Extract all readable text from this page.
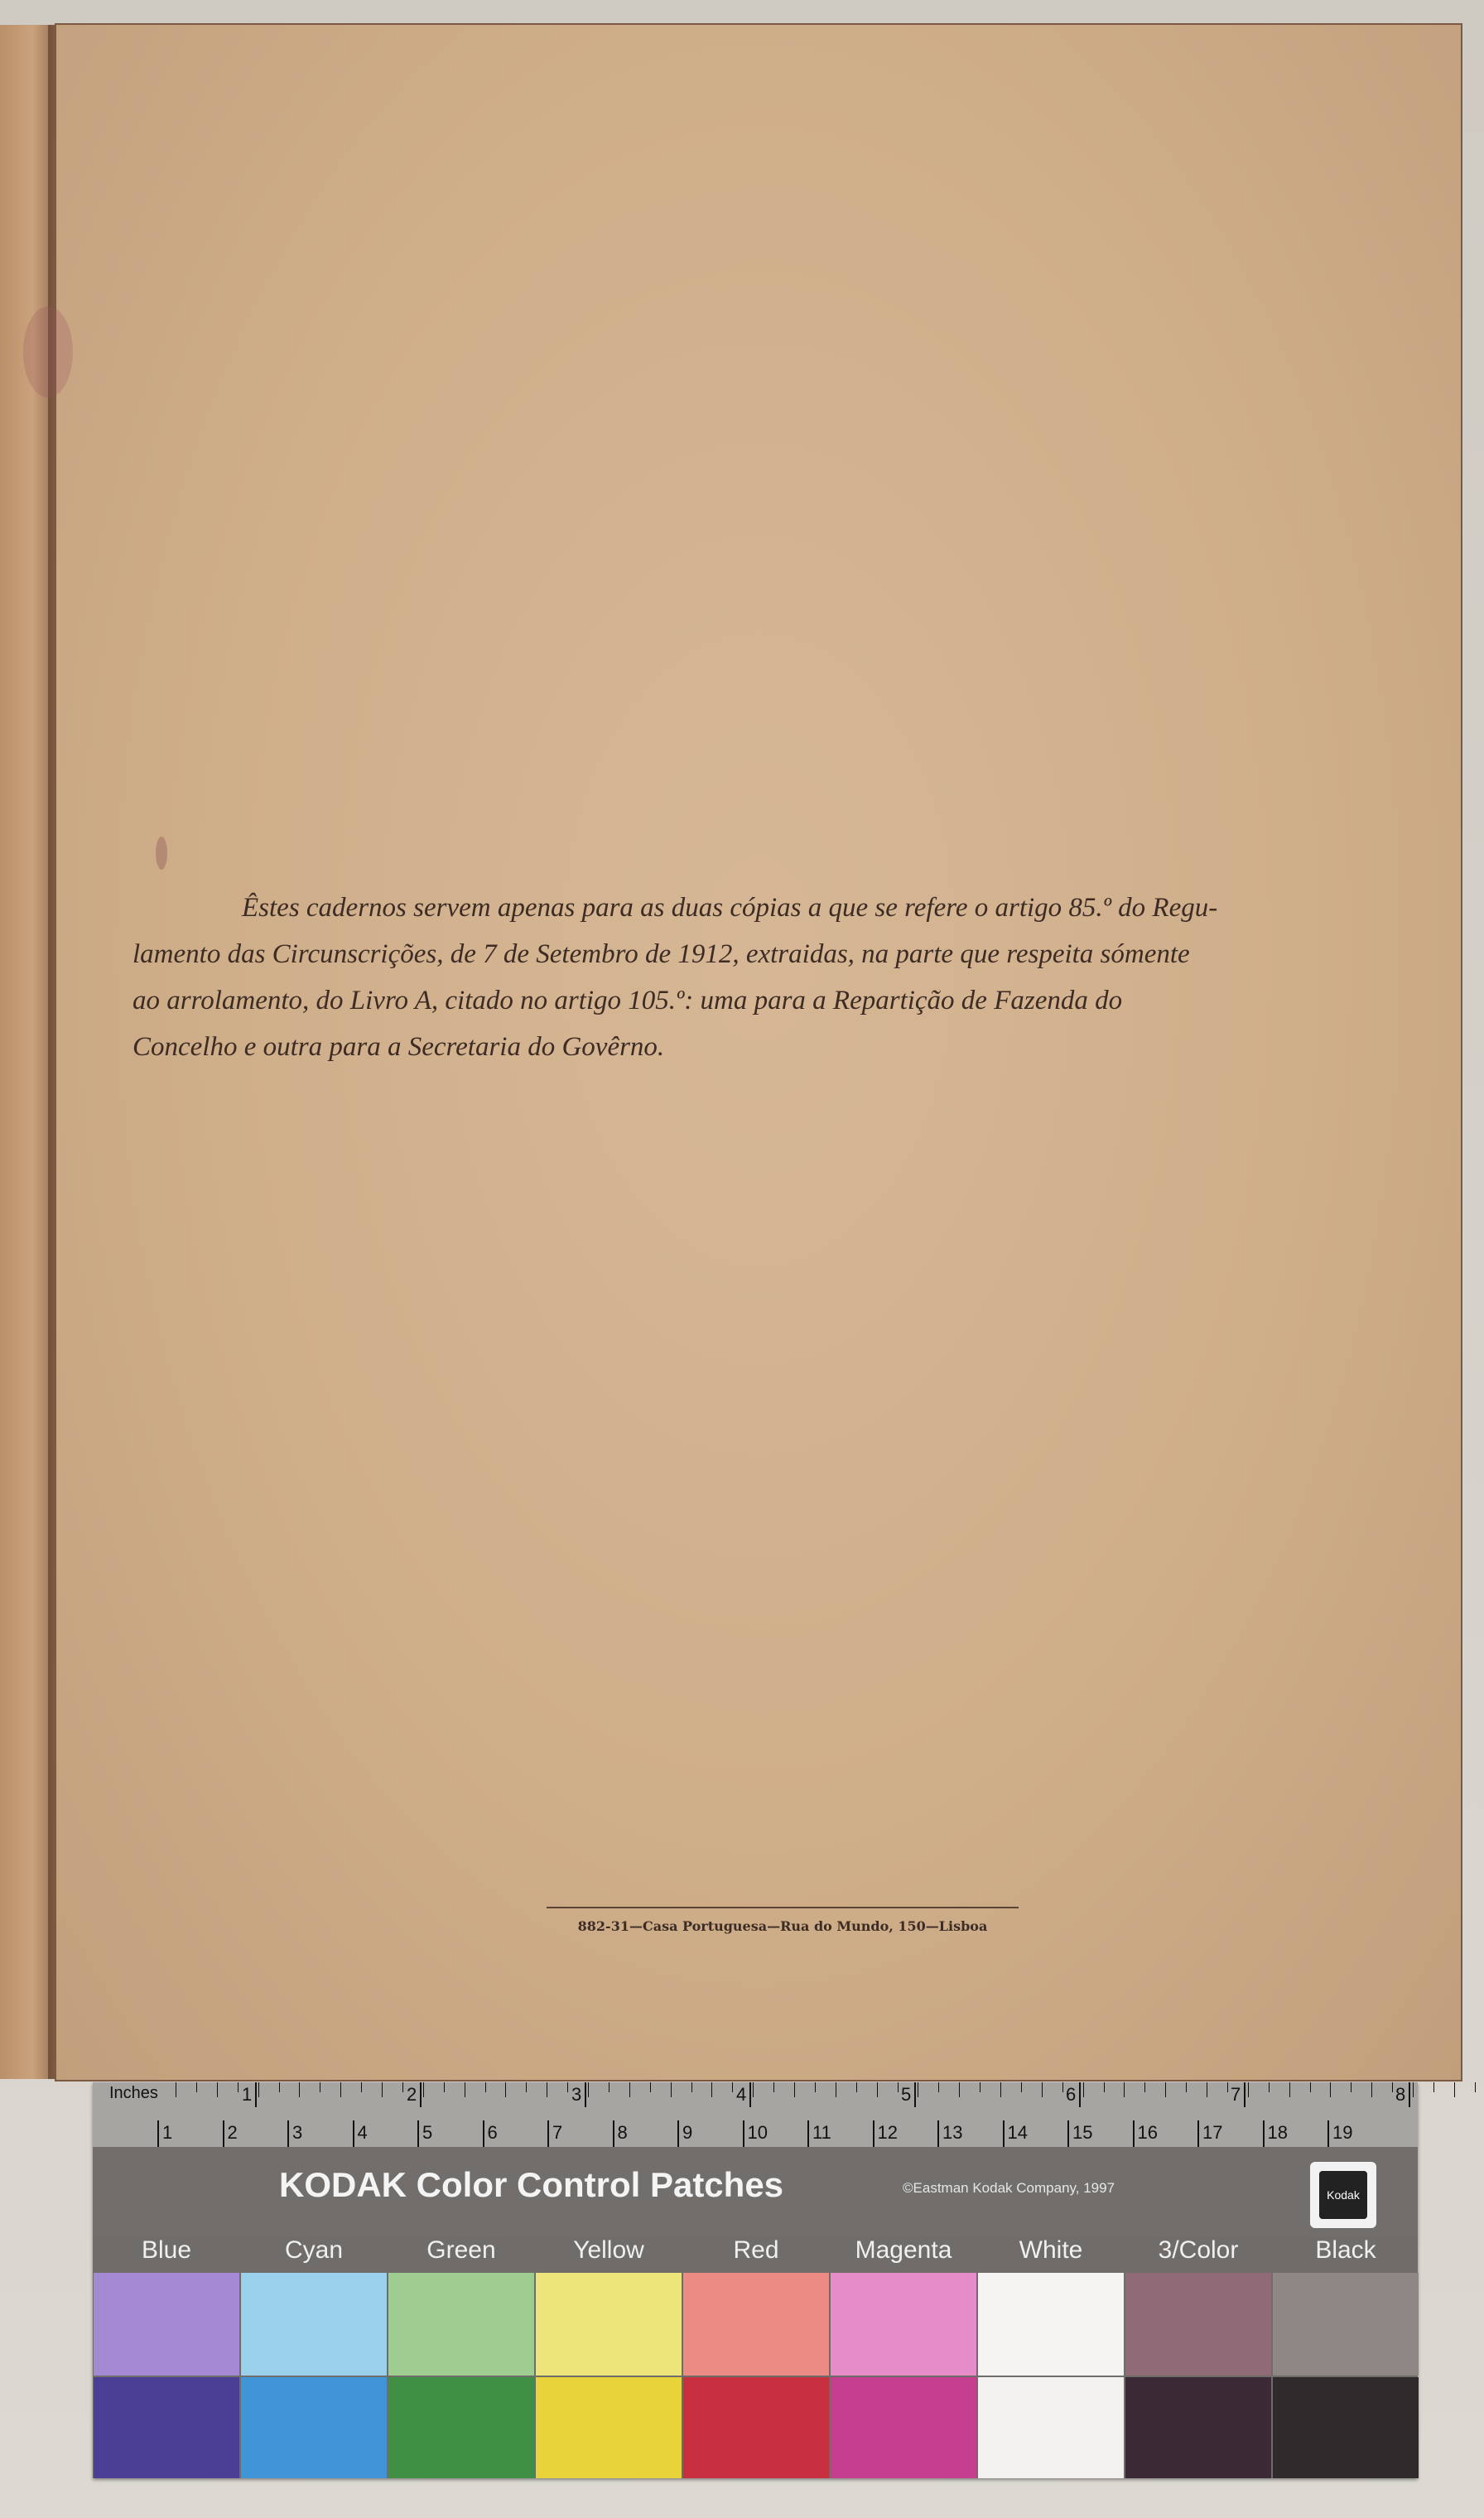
Êstes cadernos servem apenas para as duas cópias a que se refere o artigo 85.º do Regu-
lamento das Circunscrições, de 7 de Setembro de 1912, extraidas, na parte que respeita sómente
ao arrolamento, do Livro A, citado no artigo 105.º: uma para a Repartição de Fazenda do
Concelho e outra para a Secretaria do Govêrno.
882-31—Casa Portuguesa—Rua do Mundo, 150—Lisboa
Inches	1	2	3	4	5	6	7	8
1	2	3	4	5	6	7	8	9	10 11	12 13 14 15 16 17 18 19
KODAK Color Control Patches	©Eastman Kodak Company, 1997	Kodak
Blue	Cyan	Green	Yellow	Red	Magenta	White	3/Color	Black
